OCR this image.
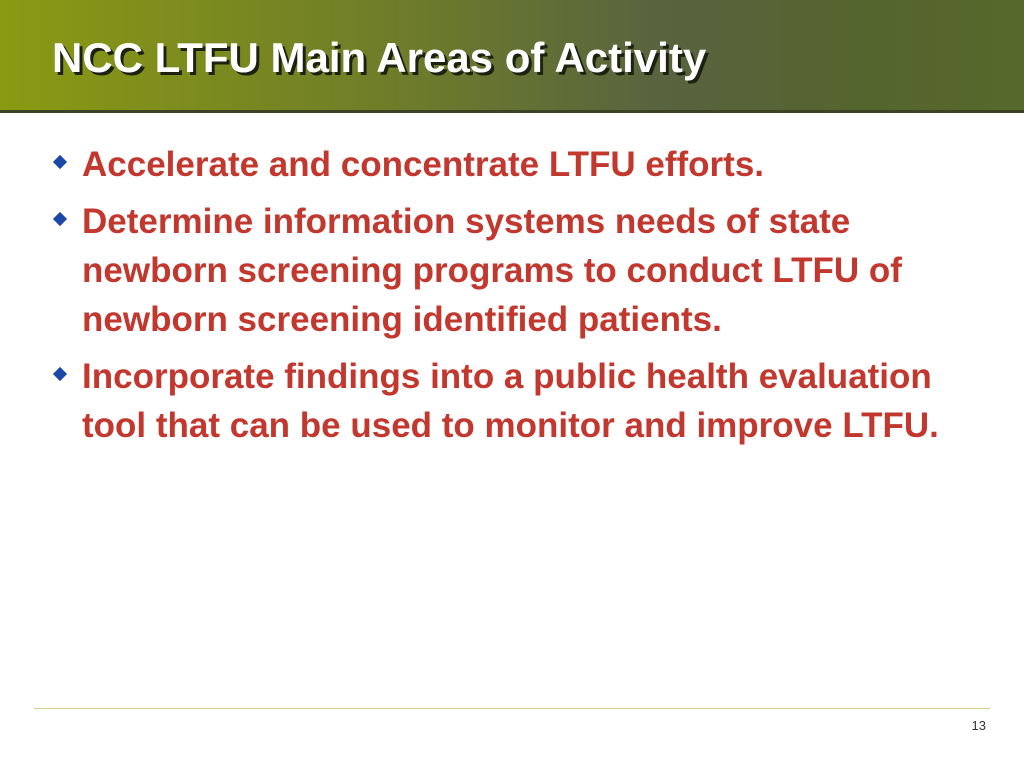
NCC LTFU Main Areas of Activity
Accelerate and concentrate LTFU efforts.
Determine information systems needs of state newborn screening programs to conduct LTFU of newborn screening identified patients.
Incorporate findings into a public health evaluation tool that can be used to monitor and improve LTFU.
13
